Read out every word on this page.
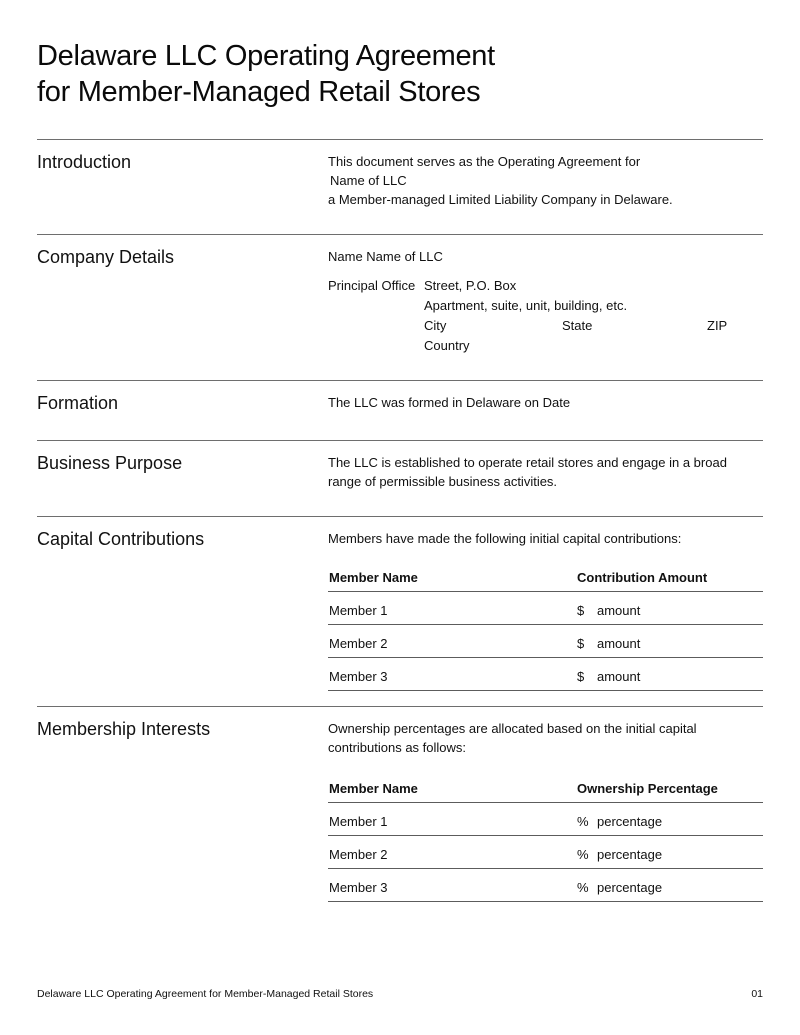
Delaware LLC Operating Agreement
for Member-Managed Retail Stores
Introduction	This document serves as the Operating Agreement for
Name of LLC
a Member-managed Limited Liability Company in Delaware.
Company Details	Name Name of LLC
Principal Office Street, P.O. Box
Apartment, suite, unit, building, etc.
City	State	ZIP
Country
Formation	The LLC was formed in Delaware on Date
Business Purpose	The LLC is established to operate retail stores and engage in a broad
range of permissible business activities.
Capital Contributions	Members have made the following initial capital contributions:
Member Name	Contribution Amount
Member 1	$ amount
Member 2	$ amount
Member 3	$ amount
Membership Interests	Ownership percentages are allocated based on the initial capital
contributions as follows:
Member Name	Ownership Percentage
Member 1	% percentage
Member 2	% percentage
Member 3	% percentage
Delaware LLC Operating Agreement for Member-Managed Retail Stores	01
